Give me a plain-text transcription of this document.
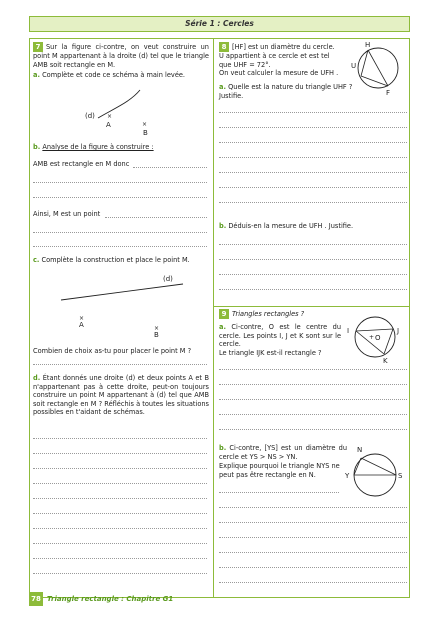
Série 1 : Cercles
7 Sur la figure ci-contre, on veut construire un point M appartenant à la droite (d) tel que le triangle AMB soit rectangle en M.
a. Complète et code ce schéma à main levée.
(d) ×
A	×
B
b. Analyse de la figure à construire :
AMB est rectangle en M donc
Ainsi, M est un point
c. Complète la construction et place le point M.
(d)
×
A	×
B
Combien de choix as-tu pour placer le point M ?
d. Étant donnés une droite (d) et deux points A et B n'appartenant pas à cette droite, peut-on toujours construire un point M appartenant à (d) tel que AMB soit rectangle en M ? Réfléchis à toutes les situations possibles en t'aidant de schémas.
8 [HF] est un diamètre du cercle.
U appartient à ce cercle et est tel
que UHF = 72°.
On veut calculer la mesure de UFH .
a. Quelle est la nature du triangle UHF ? Justifie.
H
U
F
b. Déduis-en la mesure de UFH . Justifie.
9 Triangles rectangles ?
a. Ci-contre, O est le centre du cercle. Les points I, J et K sont sur le cercle.
Le triangle IJK est-il rectangle ?
I	J
+ O
K
b. Ci-contre, [YS] est un diamètre du cercle et YS > NS > YN.
Explique pourquoi le triangle NYS ne peut pas être rectangle en N.
N
Y	S
78 Triangle rectangle : Chapitre G1
